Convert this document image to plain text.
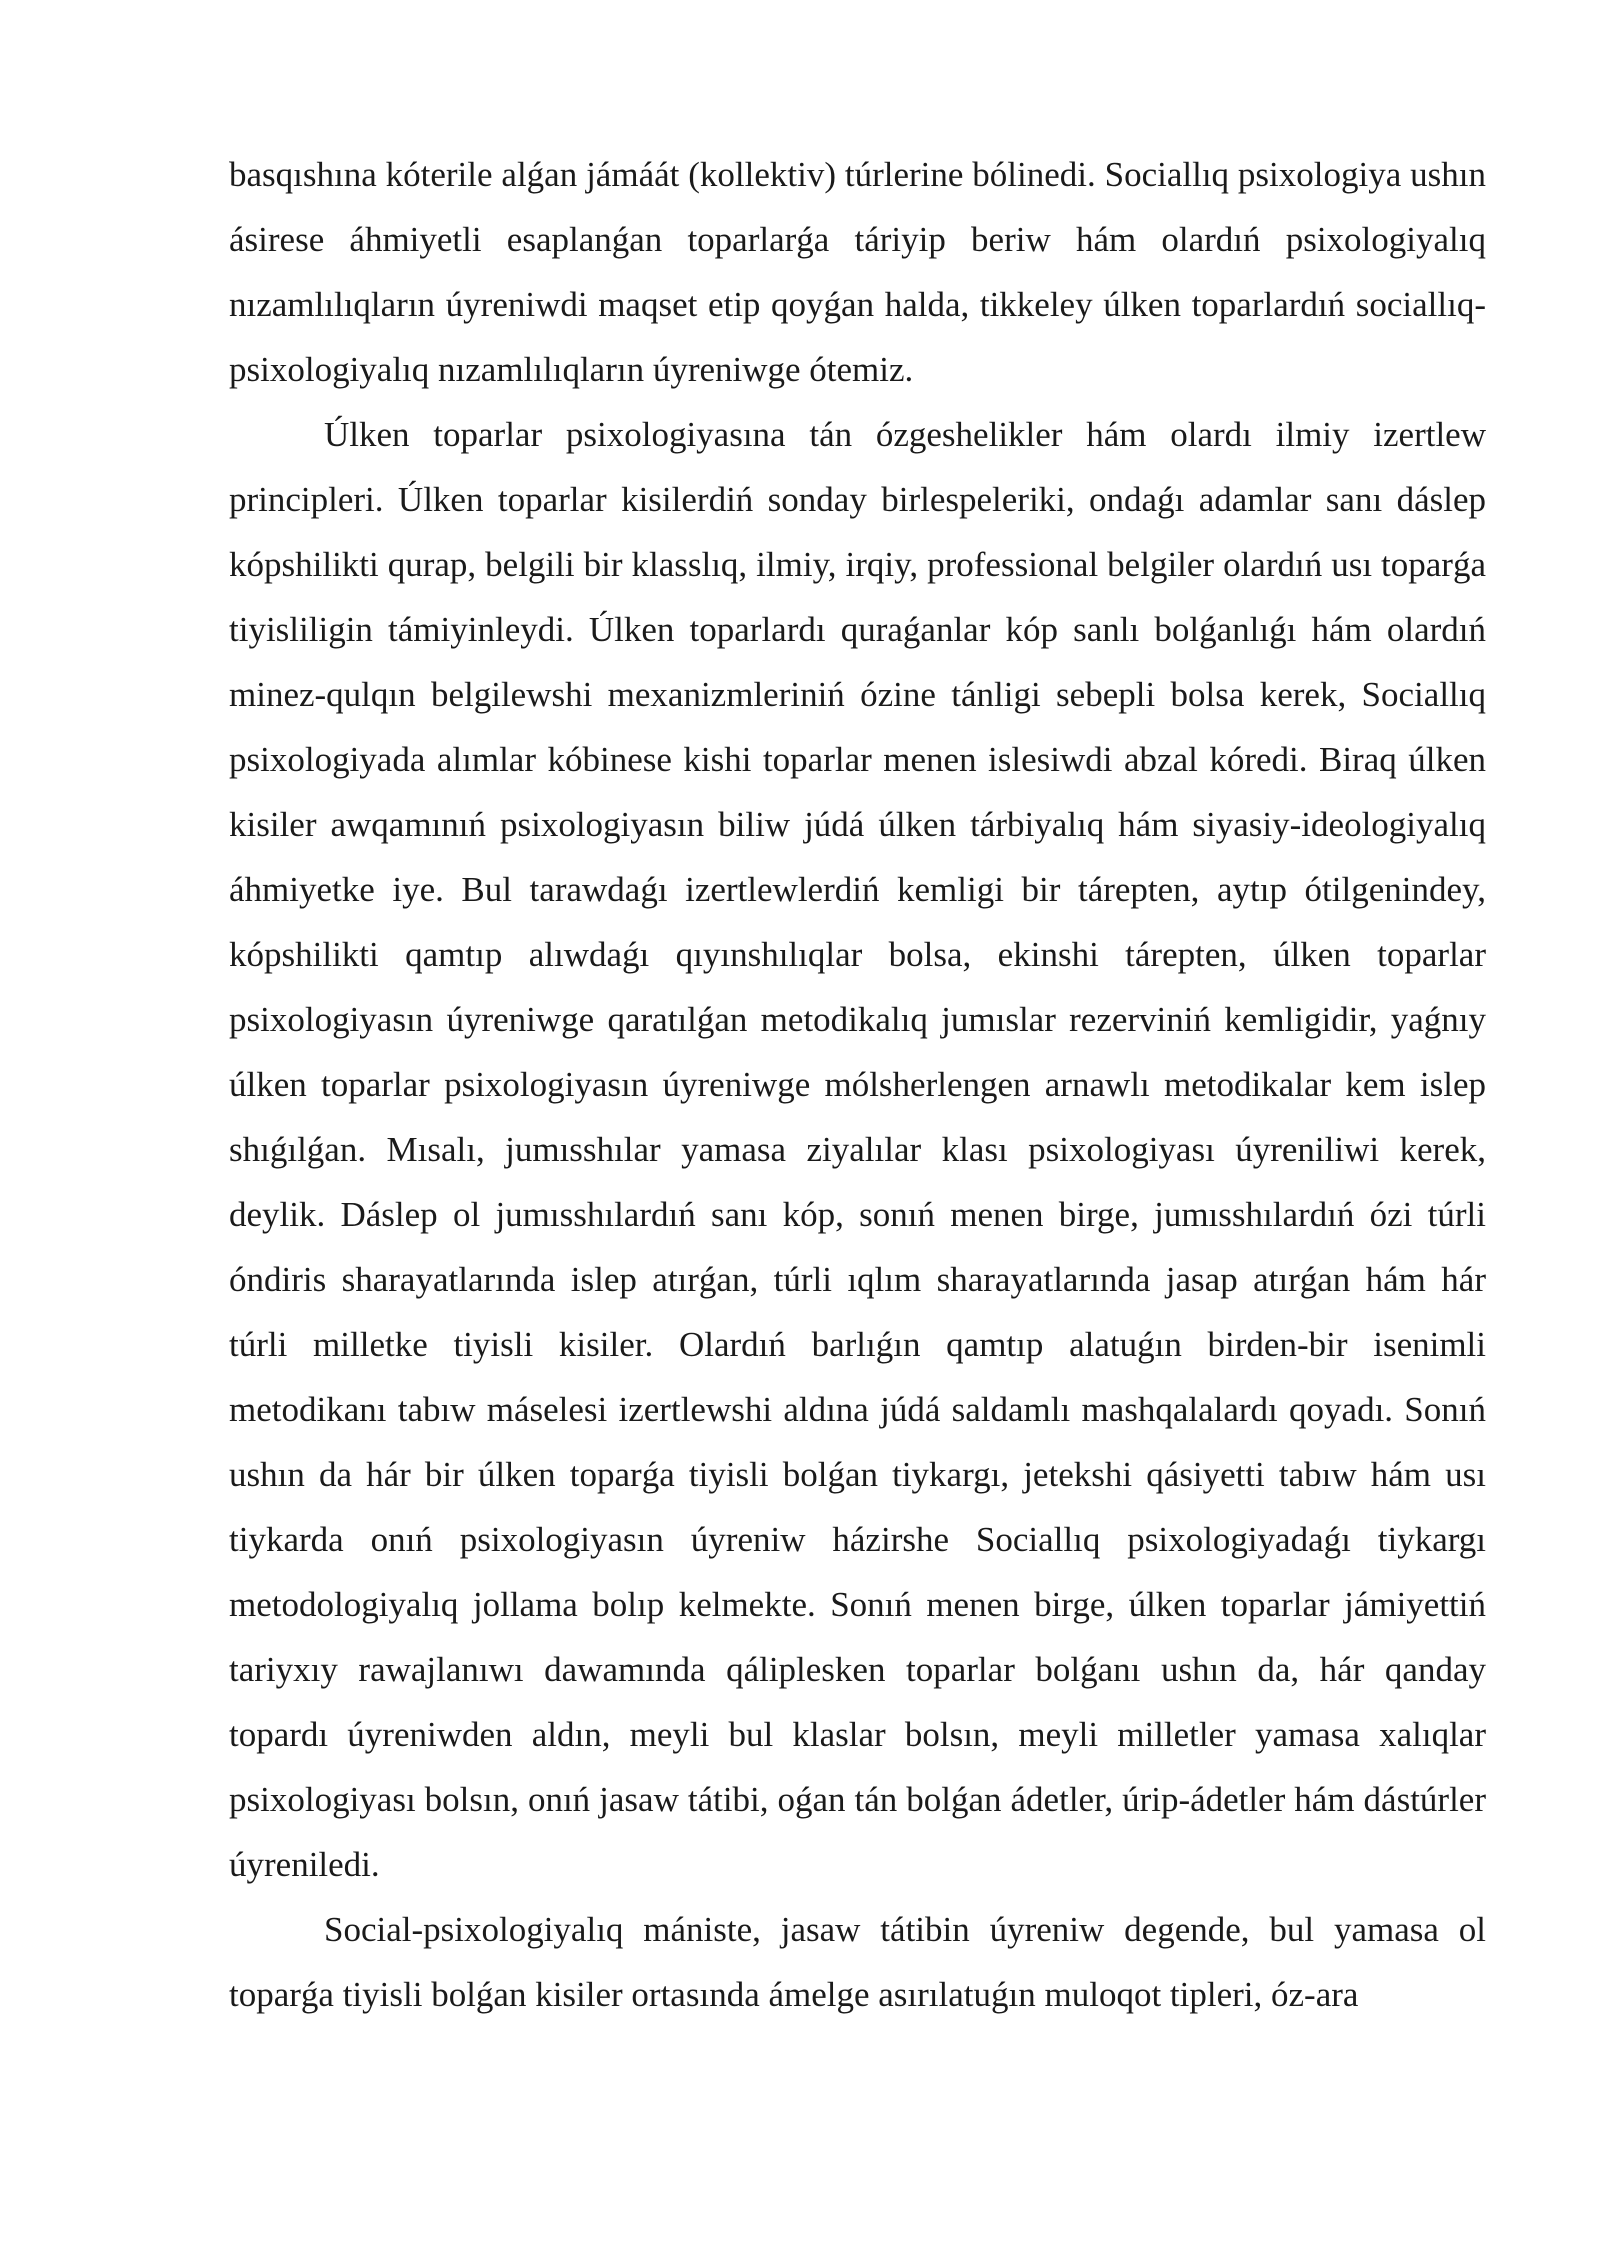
basqıshına kóterile alǵan jámáát (kollektiv) túrlerine bólinedi. Sociallıq psixologiya ushın ásirese áhmiyetli esaplanǵan toparlarǵa táriyip beriw hám olardıń psixologiyalıq nızamlılıqların úyreniwdi maqset etip qoyǵan halda, tikkeley úlken toparlardıń sociallıq-psixologiyalıq nızamlılıqların úyreniwge ótemiz.

Úlken toparlar psixologiyasına tán ózgeshelikler hám olardı ilmiy izertlew principleri. Úlken toparlar kisilerdiń sonday birlespeleriki, ondaǵı adamlar sanı dáslep kópshilikti qurap, belgili bir klasslıq, ilmiy, irqiy, professional belgiler olardıń usı toparǵa tiyisliligin támiyinleydi. Úlken toparlardı quraǵanlar kóp sanlı bolǵanlıǵı hám olardıń minez-qulqın belgilewshi mexanizmleriniń ózine tánligi sebepli bolsa kerek, Sociallıq psixologiyada alımlar kóbinese kishi toparlar menen islesiwdi abzal kóredi. Biraq úlken kisiler awqamınıń psixologiyasın biliw júdá úlken tárbiyalıq hám siyasiy-ideologiyalıq áhmiyetke iye. Bul tarawdaǵı izertlewlerdiń kemligi bir tárepten, aytıp ótilgenindey, kópshilikti qamtıp alıwdaǵı qıyınshılıqlar bolsa, ekinshi tárepten, úlken toparlar psixologiyasın úyreniwge qaratılǵan metodikalıq jumıslar rezerviniń kemligidir, yaǵnıy úlken toparlar psixologiyasın úyreniwge mólsherlengen arnawlı metodikalar kem islep shıǵılǵan. Mısalı, jumısshılar yamasa ziyalılar klası psixologiyası úyreniliwi kerek, deylik. Dáslep ol jumısshılardıń sanı kóp, sonıń menen birge, jumısshılardıń ózi túrli óndiris sharayatlarında islep atırǵan, túrli ıqlım sharayatlarında jasap atırǵan hám hár túrli milletke tiyisli kisiler. Olardıń barlıǵın qamtıp alatuǵın birden-bir isenimli metodikanı tabıw máselesi izertlewshi aldına júdá saldamlı mashqalalardı qoyadı. Sonıń ushın da hár bir úlken toparǵa tiyisli bolǵan tiykargı, jetekshi qásiyetti tabıw hám usı tiykarda onıń psixologiyasın úyreniw házirshe Sociallıq psixologiyadaǵı tiykargı metodologiyalıq jollama bolıp kelmekte. Sonıń menen birge, úlken toparlar jámiyettiń tariyxıy rawajlanıwı dawamında qáliplesken toparlar bolǵanı ushın da, hár qanday topardı úyreniwden aldın, meyli bul klaslar bolsın, meyli milletler yamasa xalıqlar psixologiyası bolsın, onıń jasaw tátibi, oǵan tán bolǵan ádetler, úrip-ádetler hám dástúrler úyreniledi.

Social-psixologiyalıq mániste, jasaw tátibin úyreniw degende, bul yamasa ol toparǵa tiyisli bolǵan kisiler ortasında ámelge asırılatuǵın muloqot tipleri, óz-ara
